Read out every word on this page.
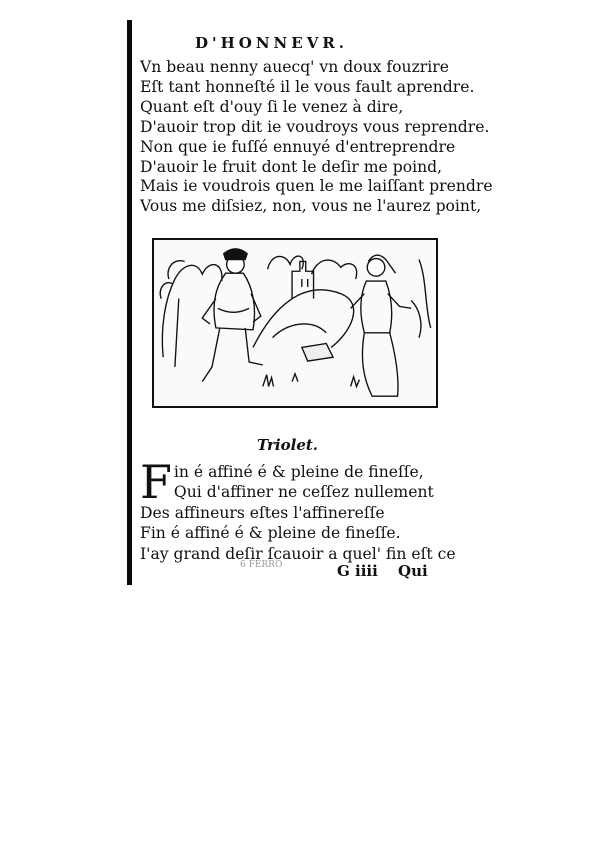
D'HONNEVR.
Vn beau nenny auecq' vn doux fouzrire
Eſt tant honneſté il le vous fault aprendre.
Quant eſt d'ouy ſi le venez à dire,
D'auoir trop dit ie voudroys vous reprendre.
Non que ie fuſſé ennuyé d'entreprendre
D'auoir le fruit dont le deſir me poind,
Mais ie voudrois quen le me laiſſant prendre
Vous me diſsiez, non, vous ne l'aurez point,
Triolet.
Fin é affiné é & pleine de fineſſe,
Qui d'affiner ne ceſſez nullement
Des affineurs eſtes l'affinereſſe
Fin é affiné é & pleine de fineſſe.
I'ay grand deſir ſcauoir a quel' fin eſt ce
6 FERRO	G iiii Qui
